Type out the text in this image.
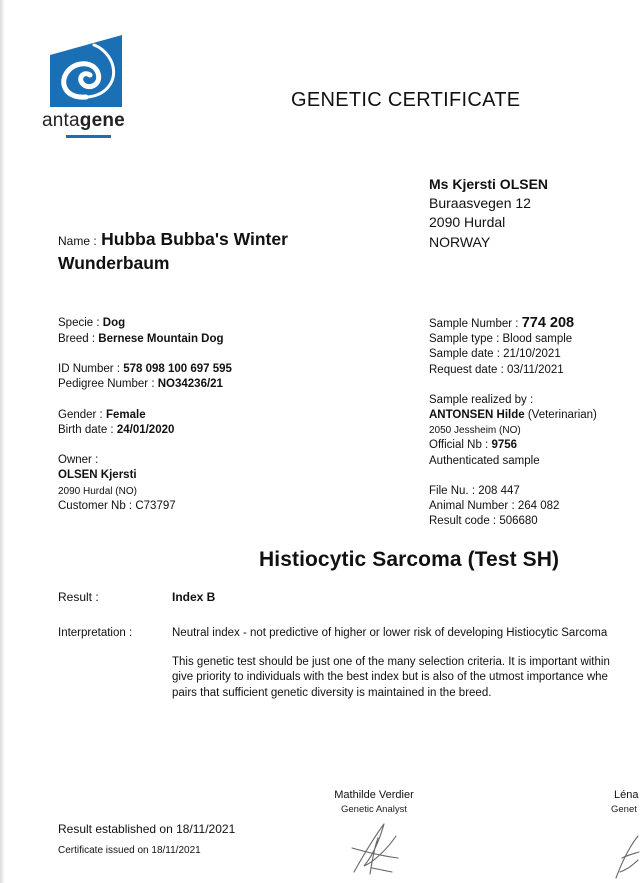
antagene
GENETIC CERTIFICATE
Ms Kjersti OLSEN
Buraasvegen 12
2090 Hurdal
NORWAY
Name : Hubba Bubba's Winter
Wunderbaum
Specie : Dog
Breed : Bernese Mountain Dog
ID Number : 578 098 100 697 595
Pedigree Number : NO34236/21
Gender : Female
Birth date : 24/01/2020
Owner :
OLSEN Kjersti
2090 Hurdal (NO)
Customer Nb : C73797
Sample Number : 774 208
Sample type : Blood sample
Sample date : 21/10/2021
Request date : 03/11/2021
Sample realized by :
ANTONSEN Hilde (Veterinarian)
2050 Jessheim (NO)
Official Nb : 9756
Authenticated sample
File Nu. : 208 447
Animal Number : 264 082
Result code : 506680
Histiocytic Sarcoma (Test SH)
Result :	Index B
Interpretation :	Neutral index - not predictive of higher or lower risk of developing Histiocytic Sarcoma
This genetic test should be just one of the many selection criteria. It is important within
give priority to individuals with the best index but is also of the utmost importance whe
pairs that sufficient genetic diversity is maintained in the breed.
Mathilde Verdier
Genetic Analyst
Léna
Genet
Result established on 18/11/2021
Certificate issued on 18/11/2021
